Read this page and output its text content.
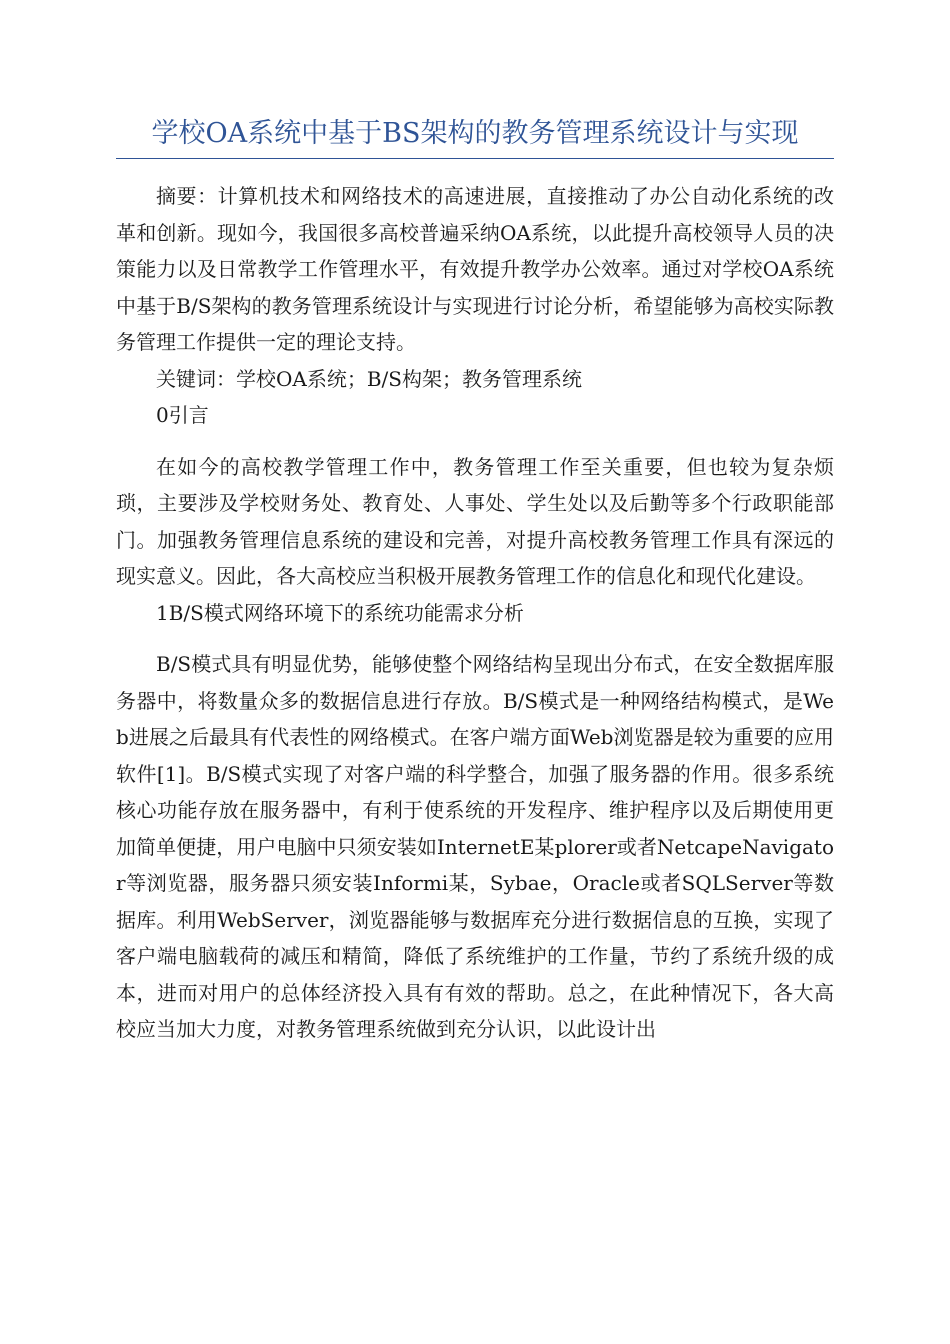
学校OA系统中基于BS架构的教务管理系统设计与实现

摘要：计算机技术和网络技术的高速进展，直接推动了办公自动化系统的改革和创新。现如今，我国很多高校普遍采纳OA系统，以此提升高校领导人员的决策能力以及日常教学工作管理水平，有效提升教学办公效率。通过对学校OA系统中基于B/S架构的教务管理系统设计与实现进行讨论分析，希望能够为高校实际教务管理工作提供一定的理论支持。

关键词：学校OA系统；B/S构架；教务管理系统

0引言

在如今的高校教学管理工作中，教务管理工作至关重要，但也较为复杂烦琐，主要涉及学校财务处、教育处、人事处、学生处以及后勤等多个行政职能部门。加强教务管理信息系统的建设和完善，对提升高校教务管理工作具有深远的现实意义。因此，各大高校应当积极开展教务管理工作的信息化和现代化建设。

1B/S模式网络环境下的系统功能需求分析

B/S模式具有明显优势，能够使整个网络结构呈现出分布式，在安全数据库服务器中，将数量众多的数据信息进行存放。B/S模式是一种网络结构模式，是Web进展之后最具有代表性的网络模式。在客户端方面Web浏览器是较为重要的应用软件[1]。B/S模式实现了对客户端的科学整合，加强了服务器的作用。很多系统核心功能存放在服务器中，有利于使系统的开发程序、维护程序以及后期使用更加简单便捷，用户电脑中只须安装如InternetE某plorer或者NetcapeNavigator等浏览器，服务器只须安装Informi某，Sybae，Oracle或者SQLServer等数据库。利用WebServer，浏览器能够与数据库充分进行数据信息的互换，实现了客户端电脑载荷的减压和精简，降低了系统维护的工作量，节约了系统升级的成本，进而对用户的总体经济投入具有有效的帮助。总之，在此种情况下，各大高校应当加大力度，对教务管理系统做到充分认识，以此设计出
